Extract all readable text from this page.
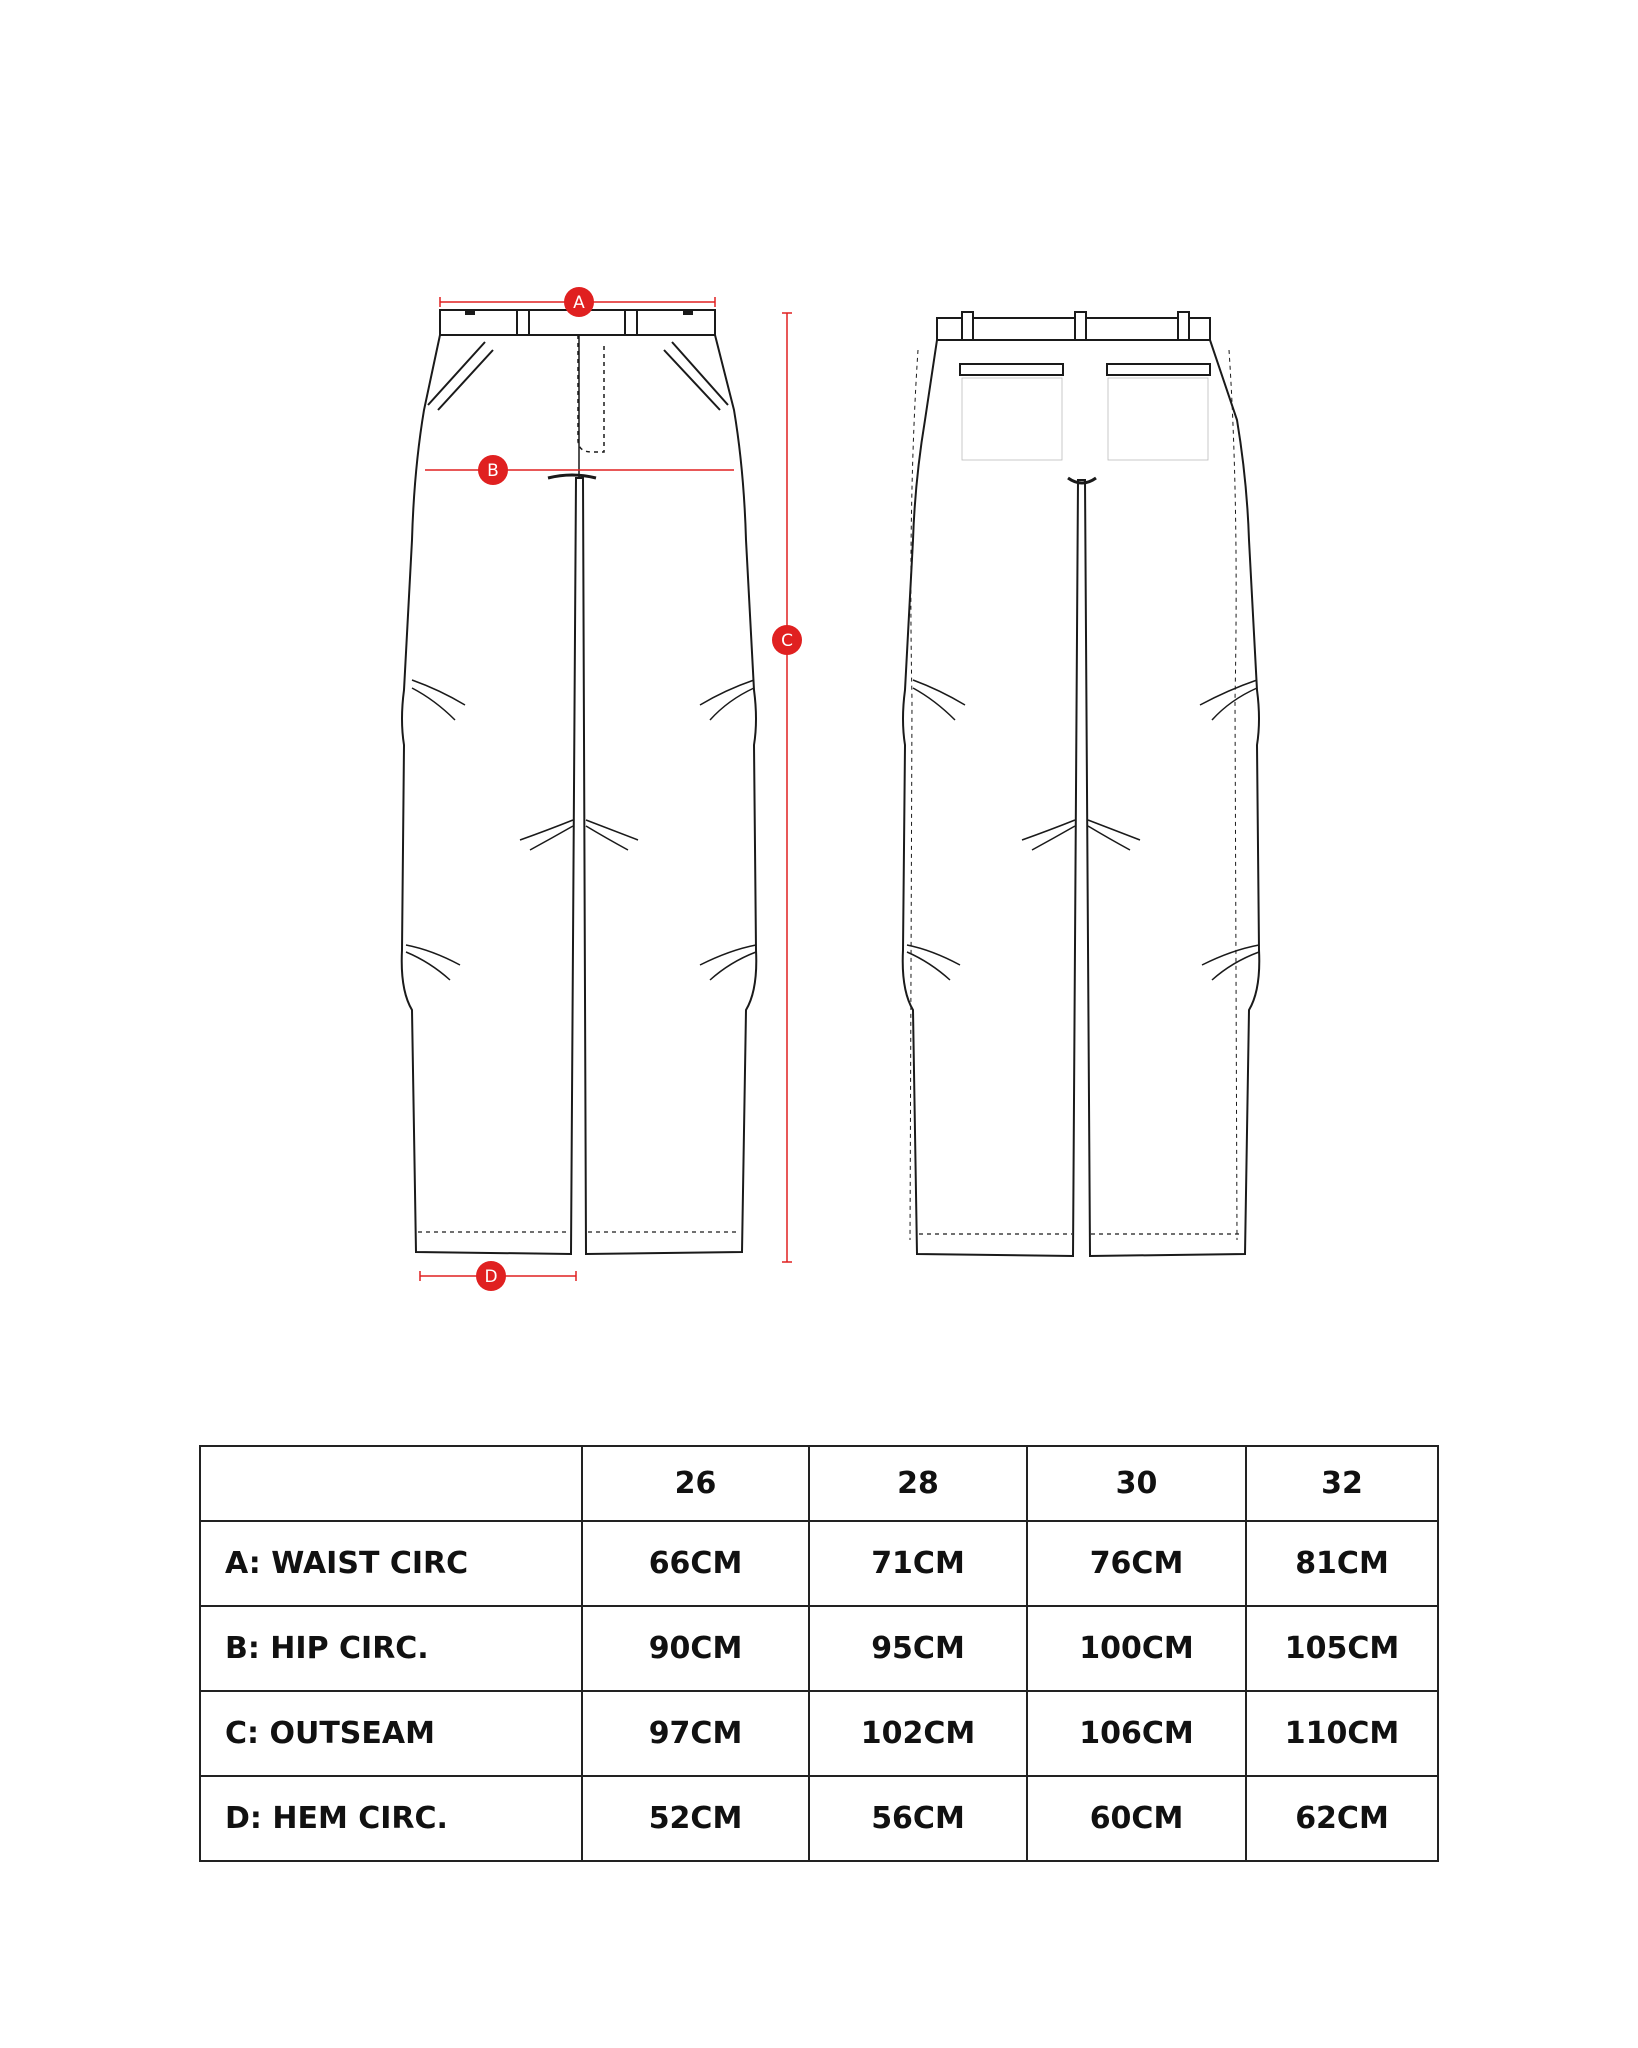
A
B
C
D
	26	28	30	32
A: WAIST CIRC	66CM	71CM	76CM	81CM
B: HIP CIRC.	90CM	95CM	100CM	105CM
C: OUTSEAM	97CM	102CM	106CM	110CM
D: HEM CIRC.	52CM	56CM	60CM	62CM
